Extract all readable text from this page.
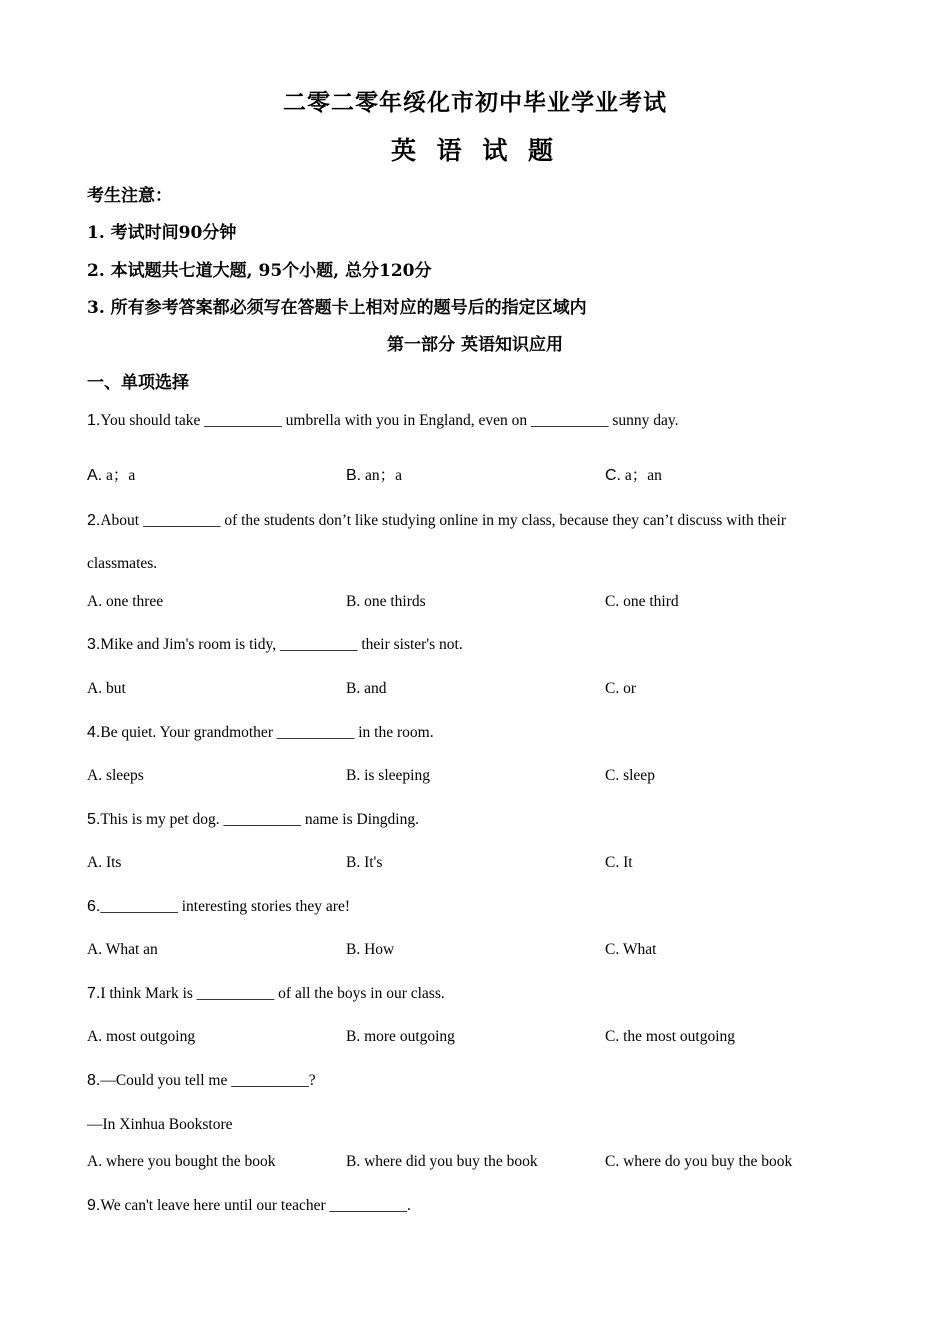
二零二零年绥化市初中毕业学业考试
英 语 试 题
考生注意：
1. 考试时间90分钟
2. 本试题共七道大题, 95个小题, 总分120分
3. 所有参考答案都必须写在答题卡上相对应的题号后的指定区域内
第一部分 英语知识应用
一、单项选择
1.You should take __________ umbrella with you in England, even on __________ sunny day.
A. a；a	B. an；a	C. a；an
2.About __________ of the students don’t like studying online in my class, because they can’t discuss with their
classmates.
A. one three	B. one thirds	C. one third
3.Mike and Jim's room is tidy, __________ their sister's not.
A. but	B. and	C. or
4.Be quiet. Your grandmother __________ in the room.
A. sleeps	B. is sleeping	C. sleep
5.This is my pet dog. __________ name is Dingding.
A. Its	B. It's	C. It
6.__________ interesting stories they are!
A. What an	B. How	C. What
7.I think Mark is __________ of all the boys in our class.
A. most outgoing	B. more outgoing	C. the most outgoing
8.—Could you tell me __________?
—In Xinhua Bookstore
A. where you bought the book	B. where did you buy the book	C. where do you buy the book
9.We can't leave here until our teacher __________.
